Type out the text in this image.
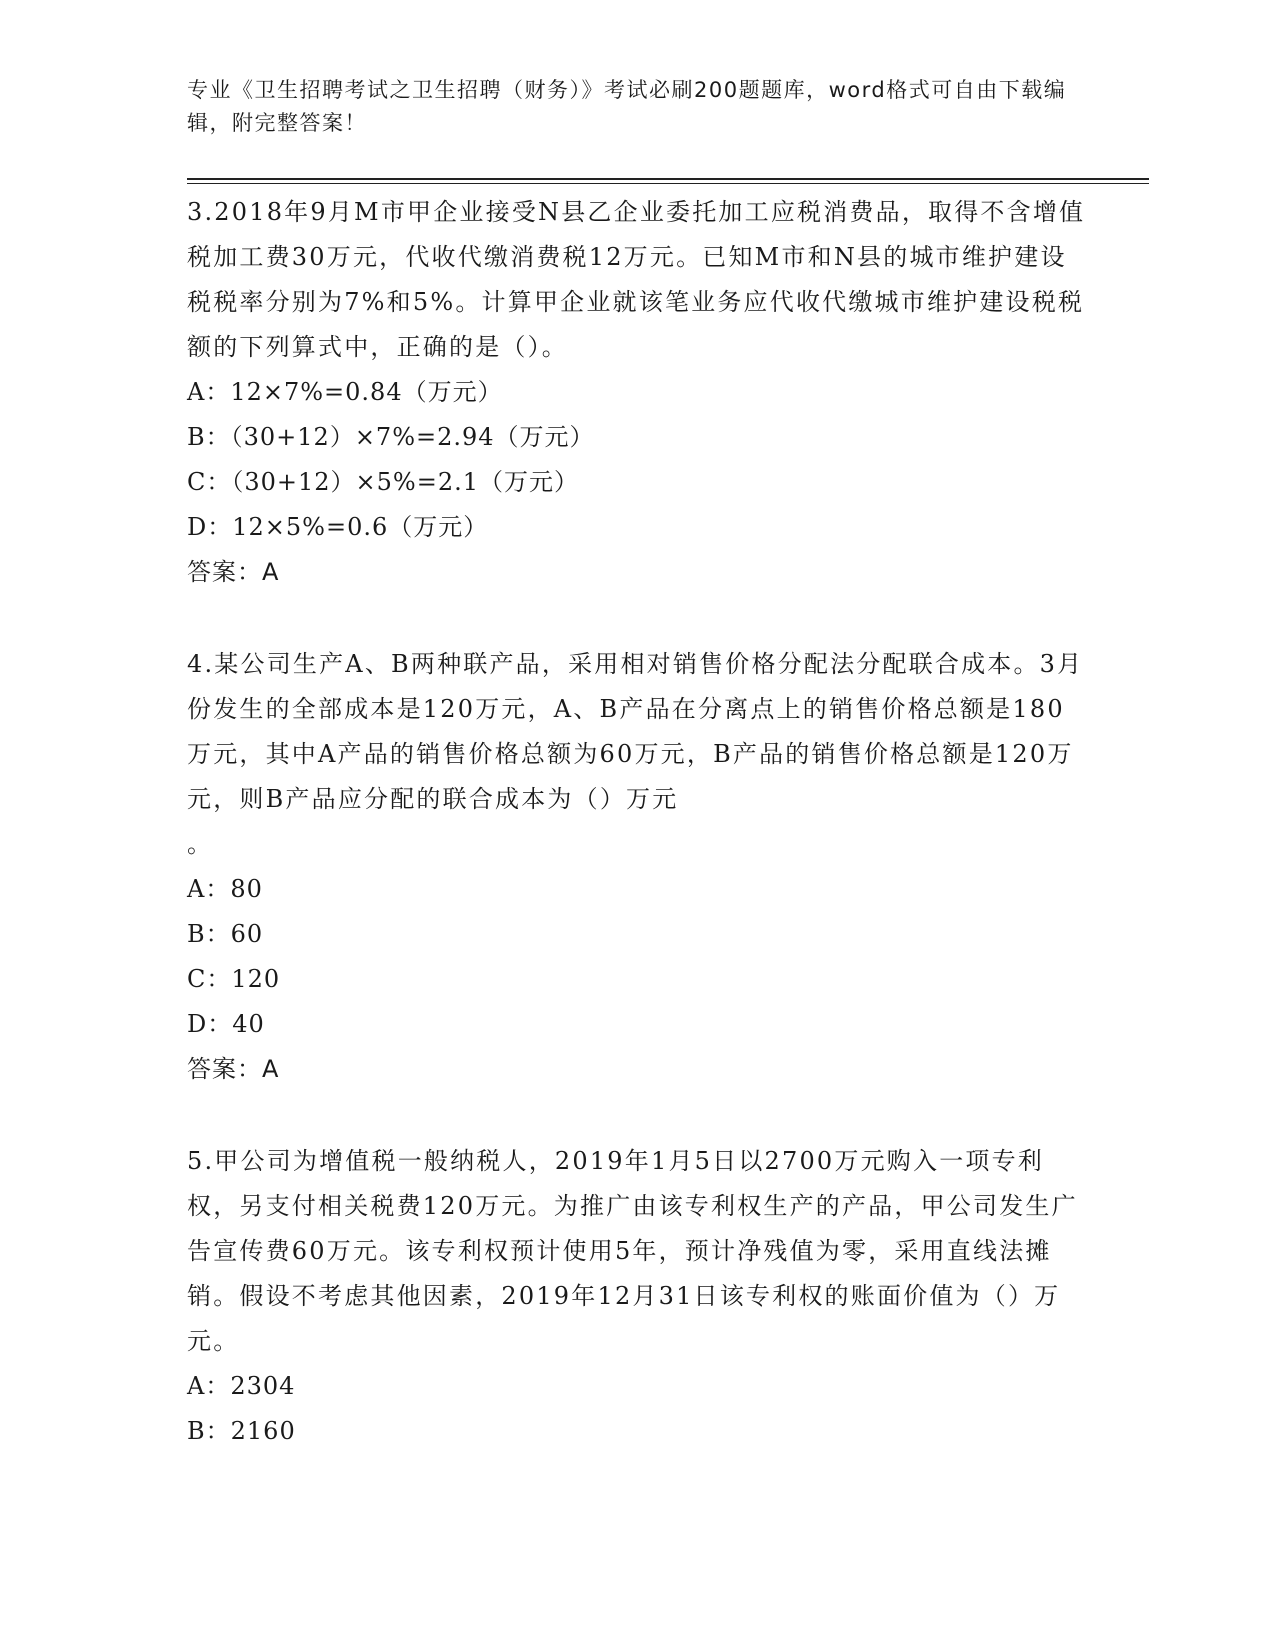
专业《卫生招聘考试之卫生招聘（财务）》考试必刷200题题库，word格式可自由下载编辑，附完整答案！

3.2018年9月M市甲企业接受N县乙企业委托加工应税消费品，取得不含增值税加工费30万元，代收代缴消费税12万元。已知M市和N县的城市维护建设税税率分别为7%和5%。计算甲企业就该笔业务应代收代缴城市维护建设税税额的下列算式中，正确的是（）。

A：12×7%=0.84（万元）

B：（30+12）×7%=2.94（万元）

C：（30+12）×5%=2.1（万元）

D：12×5%=0.6（万元）

答案：A

4.某公司生产A、B两种联产品，采用相对销售价格分配法分配联合成本。3月份发生的全部成本是120万元，A、B产品在分离点上的销售价格总额是180万元，其中A产品的销售价格总额为60万元，B产品的销售价格总额是120万元，则B产品应分配的联合成本为（）万元

。

A：80

B：60

C：120

D：40

答案：A

5.甲公司为增值税一般纳税人，2019年1月5日以2700万元购入一项专利权，另支付相关税费120万元。为推广由该专利权生产的产品，甲公司发生广告宣传费60万元。该专利权预计使用5年，预计净残值为零，采用直线法摊销。假设不考虑其他因素，2019年12月31日该专利权的账面价值为（）万元。

A：2304

B：2160
